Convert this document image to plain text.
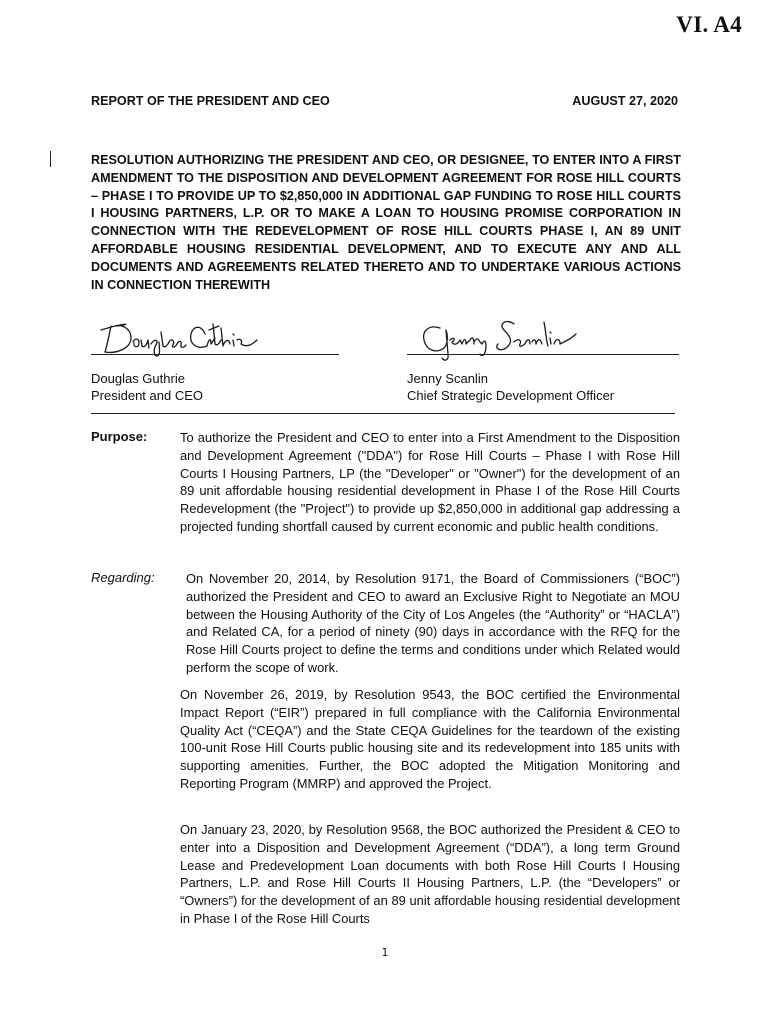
VI. A4
REPORT OF THE PRESIDENT AND CEO	AUGUST 27, 2020

RESOLUTION AUTHORIZING THE PRESIDENT AND CEO, OR DESIGNEE, TO ENTER INTO A FIRST AMENDMENT TO THE DISPOSITION AND DEVELOPMENT AGREEMENT FOR ROSE HILL COURTS – PHASE I TO PROVIDE UP TO $2,850,000 IN ADDITIONAL GAP FUNDING TO ROSE HILL COURTS I HOUSING PARTNERS, L.P. OR TO MAKE A LOAN TO HOUSING PROMISE CORPORATION IN CONNECTION WITH THE REDEVELOPMENT OF ROSE HILL COURTS PHASE I, AN 89 UNIT AFFORDABLE HOUSING RESIDENTIAL DEVELOPMENT, AND TO EXECUTE ANY AND ALL DOCUMENTS AND AGREEMENTS RELATED THERETO AND TO UNDERTAKE VARIOUS ACTIONS IN CONNECTION THEREWITH

Douglas Guthrie
President and CEO
Jenny Scanlin
Chief Strategic Development Officer
Purpose:	To authorize the President and CEO to enter into a First Amendment to the Disposition and Development Agreement ("DDA") for Rose Hill Courts – Phase I with Rose Hill Courts I Housing Partners, LP (the "Developer" or "Owner") for the development of an 89 unit affordable housing residential development in Phase I of the Rose Hill Courts Redevelopment (the "Project") to provide up $2,850,000 in additional gap addressing a projected funding shortfall caused by current economic and public health conditions.

Regarding: On November 20, 2014, by Resolution 9171, the Board of Commissioners (“BOC”) authorized the President and CEO to award an Exclusive Right to Negotiate an MOU between the Housing Authority of the City of Los Angeles (the “Authority” or “HACLA”) and Related CA, for a period of ninety (90) days in accordance with the RFQ for the Rose Hill Courts project to define the terms and conditions under which Related would perform the scope of work.

On November 26, 2019, by Resolution 9543, the BOC certified the Environmental Impact Report (“EIR”) prepared in full compliance with the California Environmental Quality Act (“CEQA”) and the State CEQA Guidelines for the teardown of the existing 100-unit Rose Hill Courts public housing site and its redevelopment into 185 units with supporting amenities. Further, the BOC adopted the Mitigation Monitoring and Reporting Program (MMRP) and approved the Project.

On January 23, 2020, by Resolution 9568, the BOC authorized the President & CEO to enter into a Disposition and Development Agreement (“DDA”), a long term Ground Lease and Predevelopment Loan documents with both Rose Hill Courts I Housing Partners, L.P. and Rose Hill Courts II Housing Partners, L.P. (the “Developers” or “Owners”) for the development of an 89 unit affordable housing residential development in Phase I of the Rose Hill Courts

1
